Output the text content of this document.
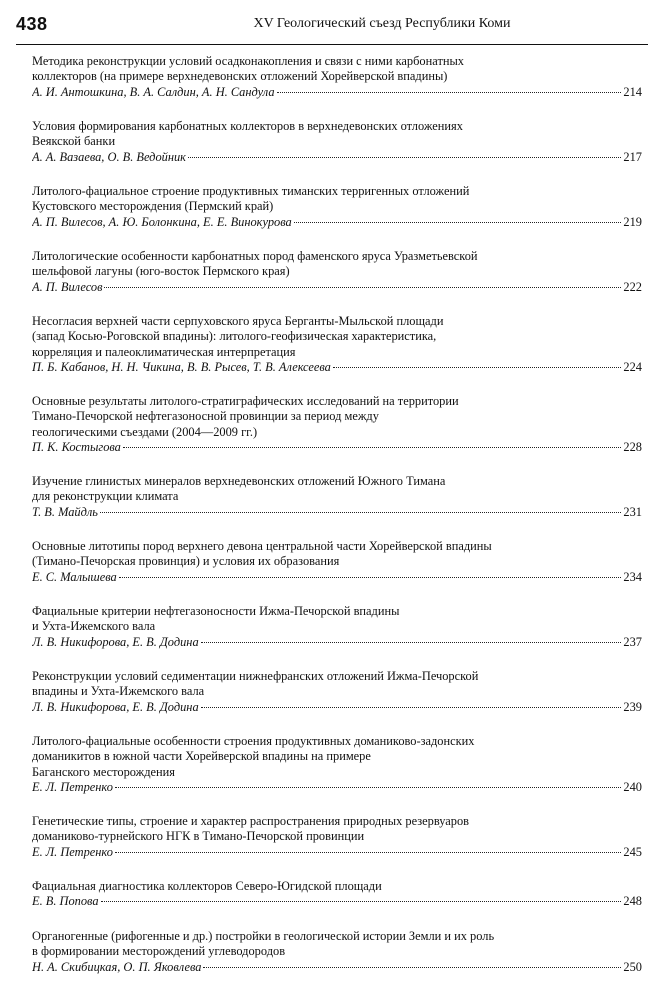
438	XV Геологический съезд Республики Коми
Методика реконструкции условий осадконакопления и связи с ними карбонатных
коллекторов (на примере верхнедевонских отложений Хорейверской впадины)
А. И. Антошкина, В. А. Салдин, А. Н. Сандула	214
Условия формирования карбонатных коллекторов в верхнедевонских отложениях
Веякской банки
А. А. Вазаева, О. В. Ведойник	217
Литолого-фациальное строение продуктивных тиманских терригенных отложений
Кустовского месторождения (Пермский край)
А. П. Вилесов, А. Ю. Болонкина, Е. Е. Винокурова	219
Литологические особенности карбонатных пород фаменского яруса Уразметьевской
шельфовой лагуны (юго-восток Пермского края)
А. П. Вилесов	222
Несогласия верхней части серпуховского яруса Берганты-Мыльской площади
(запад Косью-Роговской впадины): литолого-геофизическая характеристика,
корреляция и палеоклиматическая интерпретация
П. Б. Кабанов, Н. Н. Чикина, В. В. Рысев, Т. В. Алексеева	224
Основные результаты литолого-стратиграфических исследований на территории
Тимано-Печорской нефтегазоносной провинции за период между
геологическими съездами (2004—2009 гг.)
П. К. Костыгова	228
Изучение глинистых минералов верхнедевонских отложений Южного Тимана
для реконструкции климата
Т. В. Майдль	231
Основные литотипы пород верхнего девона центральной части Хорейверской впадины
(Тимано-Печорская провинция) и условия их образования
Е. С. Малышева	234
Фациальные критерии нефтегазоносности Ижма-Печорской впадины
и Ухта-Ижемского вала
Л. В. Никифорова, Е. В. Додина	237
Реконструкции условий седиментации нижнефранских отложений Ижма-Печорской
впадины и Ухта-Ижемского вала
Л. В. Никифорова, Е. В. Додина	239
Литолого-фациальные особенности строения продуктивных доманиково-задонских
доманикитов в южной части Хорейверской впадины на примере
Баганского месторождения
Е. Л. Петренко	240
Генетические типы, строение и характер распространения природных резервуаров
доманиково-турнейского НГК в Тимано-Печорской провинции
Е. Л. Петренко	245
Фациальная диагностика коллекторов Северо-Югидской площади
Е. В. Попова	248
Органогенные (рифогенные и др.) постройки в геологической истории Земли и их роль
в формировании месторождений углеводородов
Н. А. Скибицкая, О. П. Яковлева	250
